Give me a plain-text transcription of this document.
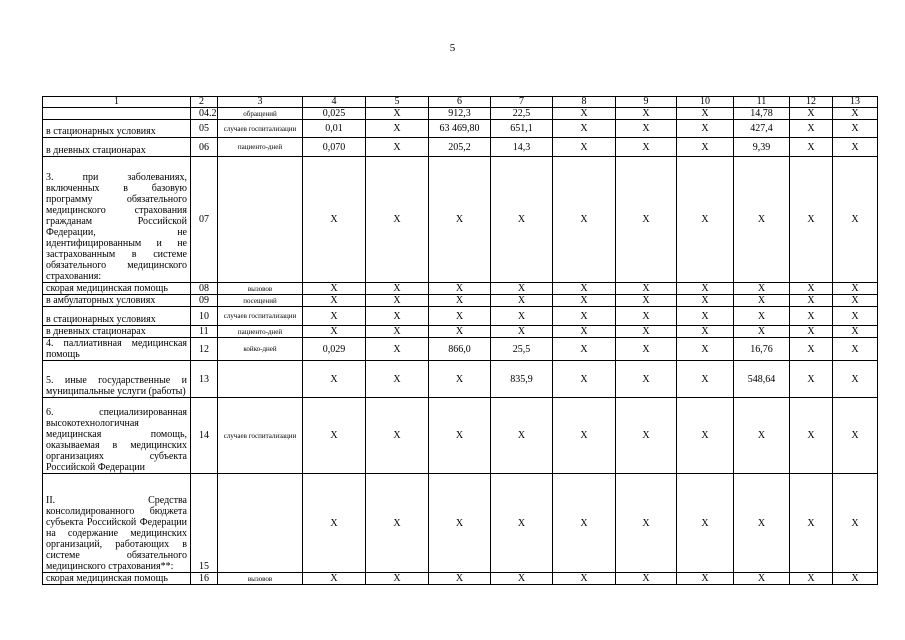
5
1	2	3	4	5	6	7	8	9	10	11	12	13
	04.2	обращений	0,025	Х	912,3	22,5	Х	Х	Х	14,78	Х	Х
в стационарных условиях	05	случаев госпитализации	0,01	Х	63 469,80	651,1	Х	Х	Х	427,4	Х	Х
в дневных стационарах	06	пациенто-дней	0,070	Х	205,2	14,3	Х	Х	Х	9,39	Х	Х
3. при заболеваниях, включенных в базовую программу обязательного медицинского страхования гражданам Российской Федерации, не идентифицированным и не застрахованным в системе обязательного медицинского страхования:	07		Х	Х	Х	Х	Х	Х	Х	Х	Х	Х
скорая медицинская помощь	08	вызовов	Х	Х	Х	Х	Х	Х	Х	Х	Х	Х
в амбулаторных условиях	09	посещений	Х	Х	Х	Х	Х	Х	Х	Х	Х	Х
в стационарных условиях	10	случаев госпитализации	Х	Х	Х	Х	Х	Х	Х	Х	Х	Х
в дневных стационарах	11	пациенто-дней	Х	Х	Х	Х	Х	Х	Х	Х	Х	Х
4. паллиативная медицинская помощь	12	койко-дней	0,029	Х	866,0	25,5	Х	Х	Х	16,76	Х	Х
5. иные государственные и муниципальные услуги (работы)	13		Х	Х	Х	835,9	Х	Х	Х	548,64	Х	Х
6. специализированная высокотехнологичная медицинская помощь, оказываемая в медицинских организациях субъекта Российской Федерации	14	случаев госпитализации	Х	Х	Х	Х	Х	Х	Х	Х	Х	Х
II. Средства консолидированного бюджета субъекта Российской Федерации на содержание медицинских организаций, работающих в системе обязательного медицинского страхования**:	15		Х	Х	Х	Х	Х	Х	Х	Х	Х	Х
скорая медицинская помощь	16	вызовов	Х	Х	Х	Х	Х	Х	Х	Х	Х	Х
